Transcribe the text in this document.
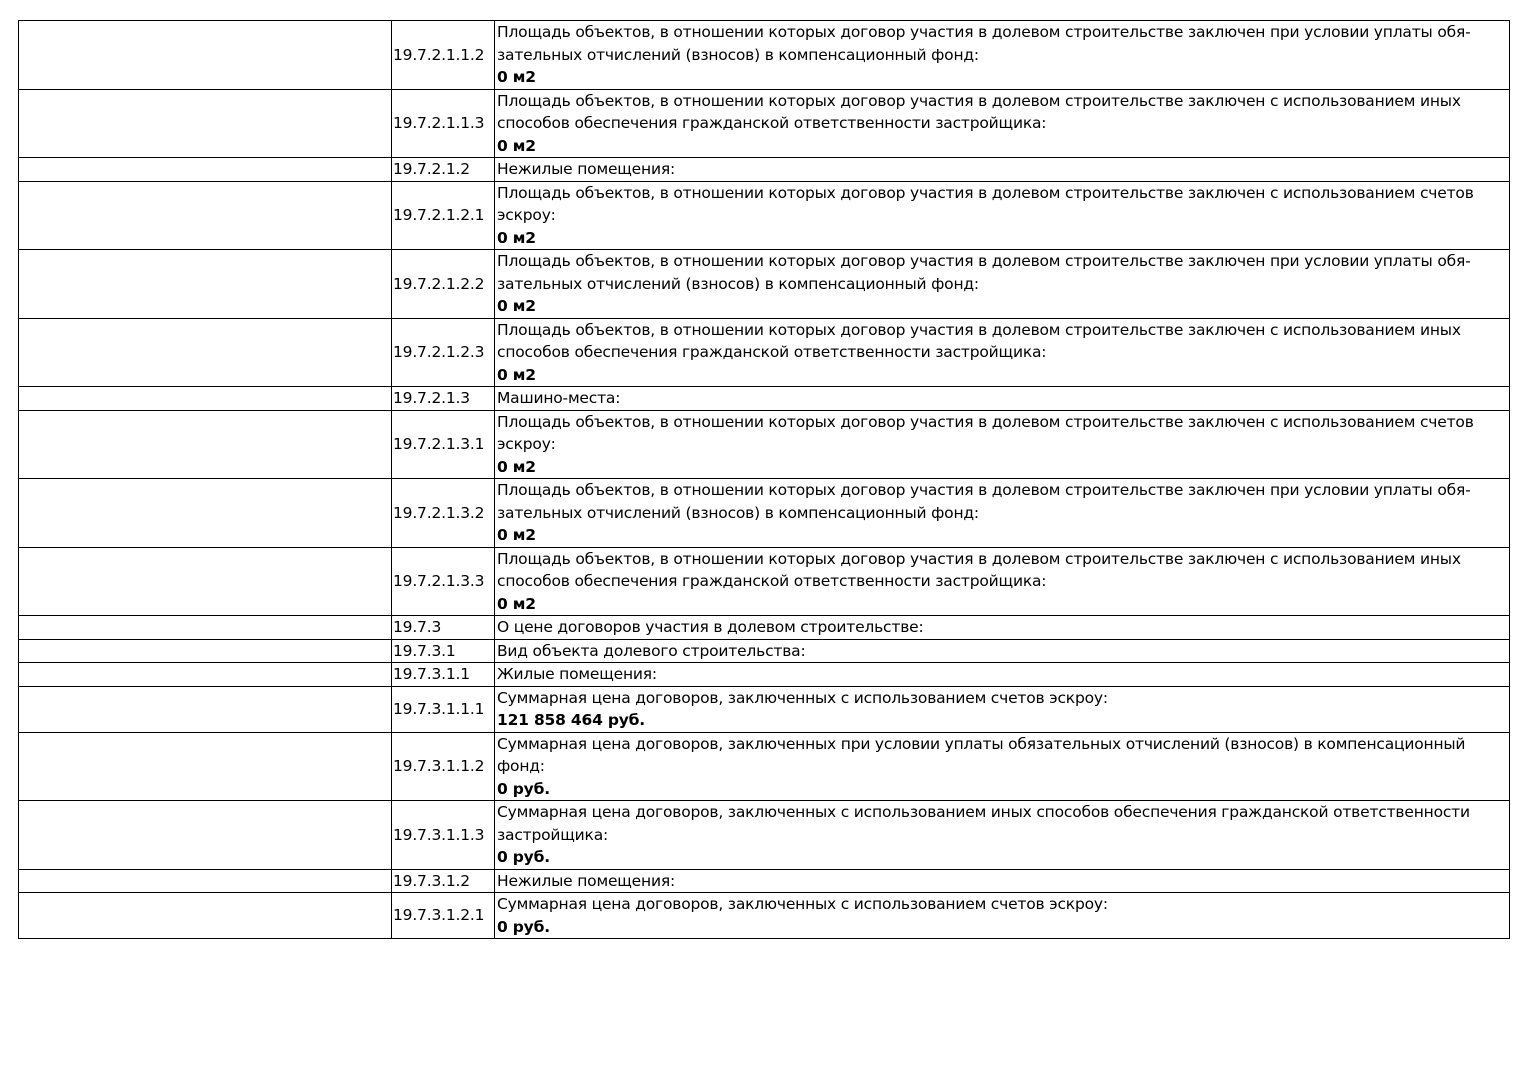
	19.7.2.1.1.2	Площадь объектов, в отношении которых договор участия в долевом строительстве заключен при условии уплаты обязательных отчислений (взносов) в компенсационный фонд:
0 м2

	19.7.2.1.1.3	Площадь объектов, в отношении которых договор участия в долевом строительстве заключен с использованием иных способов обеспечения гражданской ответственности застройщика:
0 м2

	19.7.2.1.2	Нежилые помещения:

	19.7.2.1.2.1	Площадь объектов, в отношении которых договор участия в долевом строительстве заключен с использованием счетов эскроу:
0 м2

	19.7.2.1.2.2	Площадь объектов, в отношении которых договор участия в долевом строительстве заключен при условии уплаты обязательных отчислений (взносов) в компенсационный фонд:
0 м2

	19.7.2.1.2.3	Площадь объектов, в отношении которых договор участия в долевом строительстве заключен с использованием иных способов обеспечения гражданской ответственности застройщика:
0 м2

	19.7.2.1.3	Машино-места:

	19.7.2.1.3.1	Площадь объектов, в отношении которых договор участия в долевом строительстве заключен с использованием счетов эскроу:
0 м2

	19.7.2.1.3.2	Площадь объектов, в отношении которых договор участия в долевом строительстве заключен при условии уплаты обязательных отчислений (взносов) в компенсационный фонд:
0 м2

	19.7.2.1.3.3	Площадь объектов, в отношении которых договор участия в долевом строительстве заключен с использованием иных способов обеспечения гражданской ответственности застройщика:
0 м2

	19.7.3	О цене договоров участия в долевом строительстве:

	19.7.3.1	Вид объекта долевого строительства:

	19.7.3.1.1	Жилые помещения:

	19.7.3.1.1.1	Суммарная цена договоров, заключенных с использованием счетов эскроу:
121 858 464 руб.

	19.7.3.1.1.2	Суммарная цена договоров, заключенных при условии уплаты обязательных отчислений (взносов) в компенсационный фонд:
0 руб.

	19.7.3.1.1.3	Суммарная цена договоров, заключенных с использованием иных способов обеспечения гражданской ответственности застройщика:
0 руб.

	19.7.3.1.2	Нежилые помещения:

	19.7.3.1.2.1	Суммарная цена договоров, заключенных с использованием счетов эскроу:
0 руб.
